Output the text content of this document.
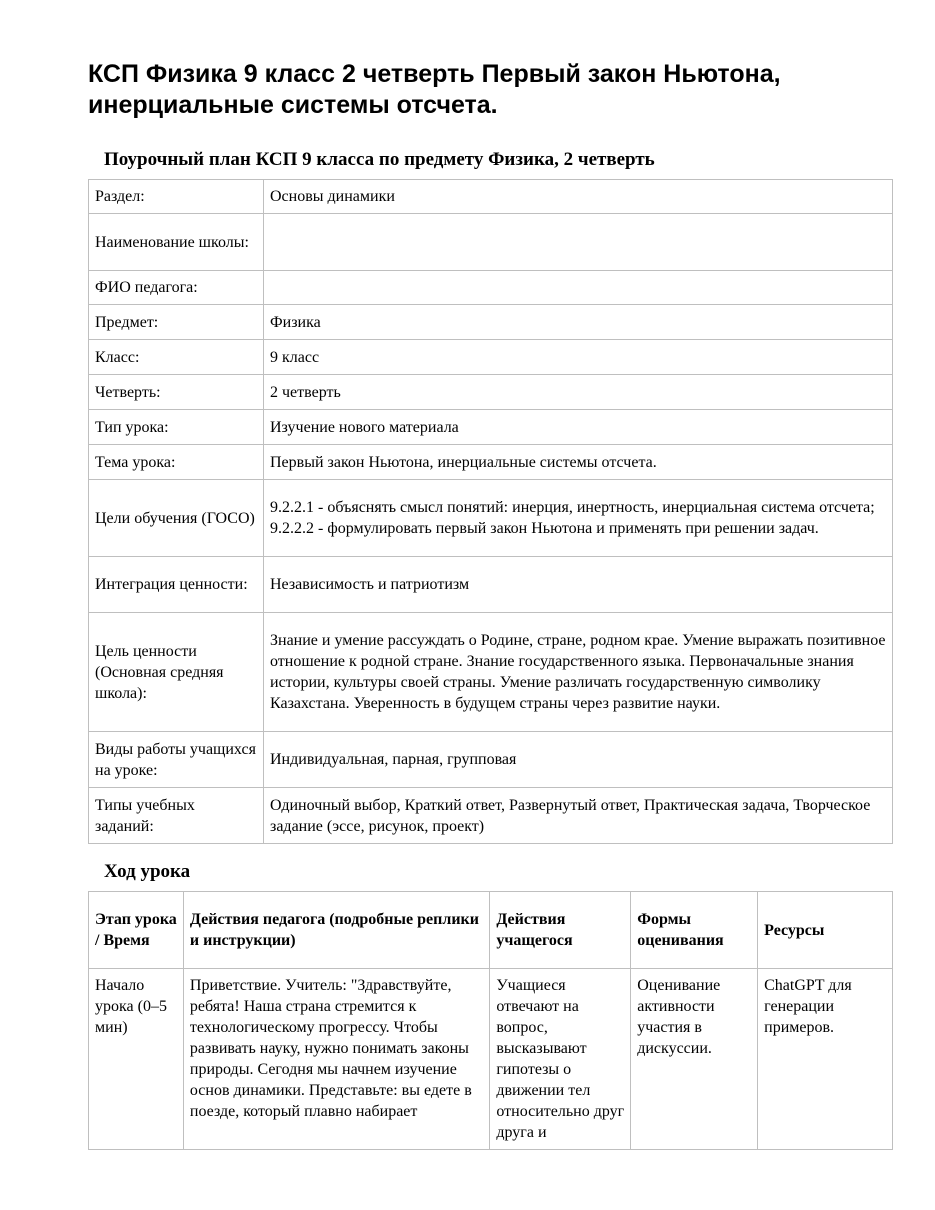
КСП Физика 9 класс 2 четверть Первый закон Ньютона, инерциальные системы отсчета.
Поурочный план КСП 9 класса по предмету Физика, 2 четверть
Раздел:	Основы динамики
Наименование школы:	
ФИО педагога:	
Предмет:	Физика
Класс:	9 класс
Четверть:	2 четверть
Тип урока:	Изучение нового материала
Тема урока:	Первый закон Ньютона, инерциальные системы отсчета.
Цели обучения (ГОСО)	9.2.2.1 - объяснять смысл понятий: инерция, инертность, инерциальная система отсчета; 9.2.2.2 - формулировать первый закон Ньютона и применять при решении задач.
Интеграция ценности:	Независимость и патриотизм
Цель ценности (Основная средняя школа):	Знание и умение рассуждать о Родине, стране, родном крае. Умение выражать позитивное отношение к родной стране. Знание государственного языка. Первоначальные знания истории, культуры своей страны. Умение различать государственную символику Казахстана. Уверенность в будущем страны через развитие науки.
Виды работы учащихся на уроке:	Индивидуальная, парная, групповая
Типы учебных заданий:	Одиночный выбор, Краткий ответ, Развернутый ответ, Практическая задача, Творческое задание (эссе, рисунок, проект)
Ход урока
Этап урока / Время	Действия педагога (подробные реплики и инструкции)	Действия учащегося	Формы оценивания	Ресурсы

Начало урока (0–5 мин)	Приветствие. Учитель: "Здравствуйте, ребята! Наша страна стремится к технологическому прогрессу. Чтобы развивать науку, нужно понимать законы природы. Сегодня мы начнем изучение основ динамики. Представьте: вы едете в поезде, который плавно набирает	Учащиеся отвечают на вопрос, высказывают гипотезы о движении тел относительно друг друга и	Оценивание активности участия в дискуссии.	ChatGPT для генерации примеров.
